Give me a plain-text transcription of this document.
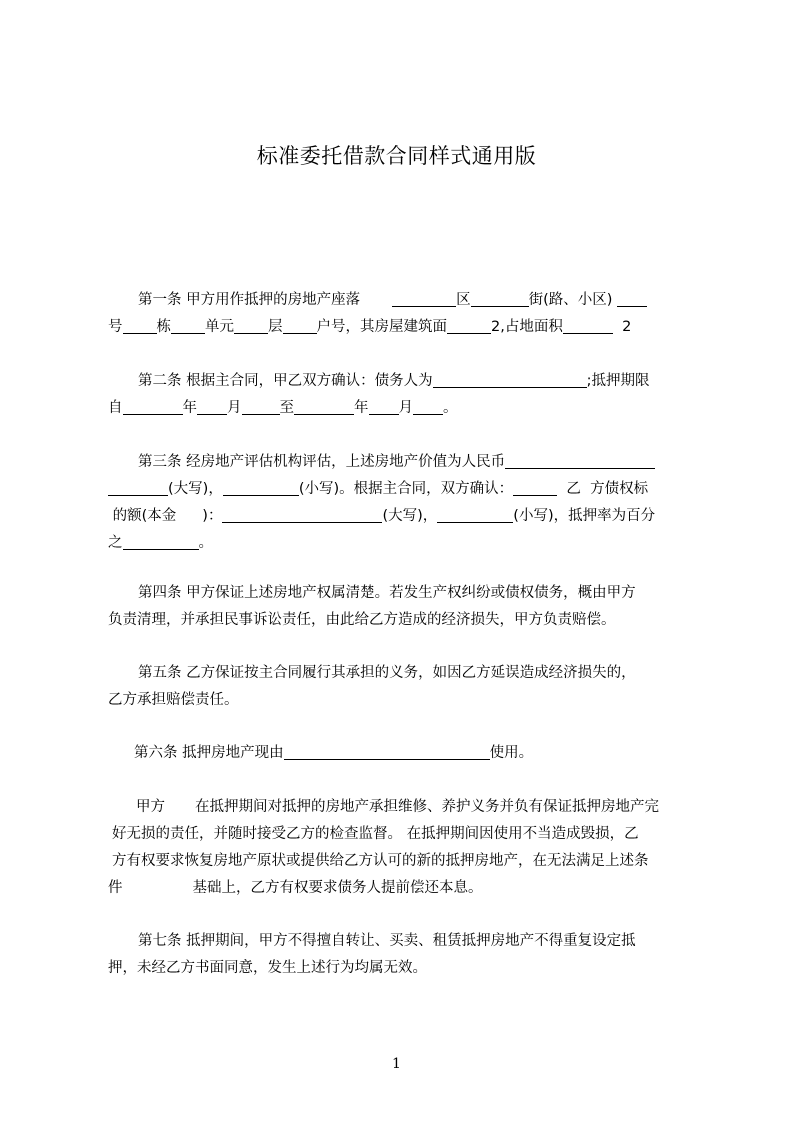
标准委托借款合同样式通用版
第一条 甲方用作抵押的房地产座落	区	街(路、小区)
号 栋 单元 层 户号，其房屋建筑面	2,占地面积	2
第二条 根据主合同，甲乙双方确认：债务人为	;抵押期限
自	年 月	至	年 月 。
第三条 经房地产评估机构评估，上述房地产价值为人民币
(大写)，	(小写)。根据主合同，双方确认：	乙 方债权标
的额(本金 )：	(大写)，	(小写)，抵押率为百分
之	。
第四条 甲方保证上述房地产权属清楚。若发生产权纠纷或债权债务，概由甲方
负责清理，并承担民事诉讼责任，由此给乙方造成的经济损失，甲方负责赔偿。
第五条 乙方保证按主合同履行其承担的义务，如因乙方延误造成经济损失的，
乙方承担赔偿责任。
第六条 抵押房地产现由	使用。
甲方 在抵押期间对抵押的房地产承担维修、养护义务并负有保证抵押房地产完
好无损的责任，并随时接受乙方的检查监督。 在抵押期间因使用不当造成毁损，乙
方有权要求恢复房地产原状或提供给乙方认可的新的抵押房地产，在无法满足上述条
件	基础上，乙方有权要求债务人提前偿还本息。
第七条 抵押期间，甲方不得擅自转让、买卖、租赁抵押房地产不得重复设定抵
押，未经乙方书面同意，发生上述行为均属无效。
1
